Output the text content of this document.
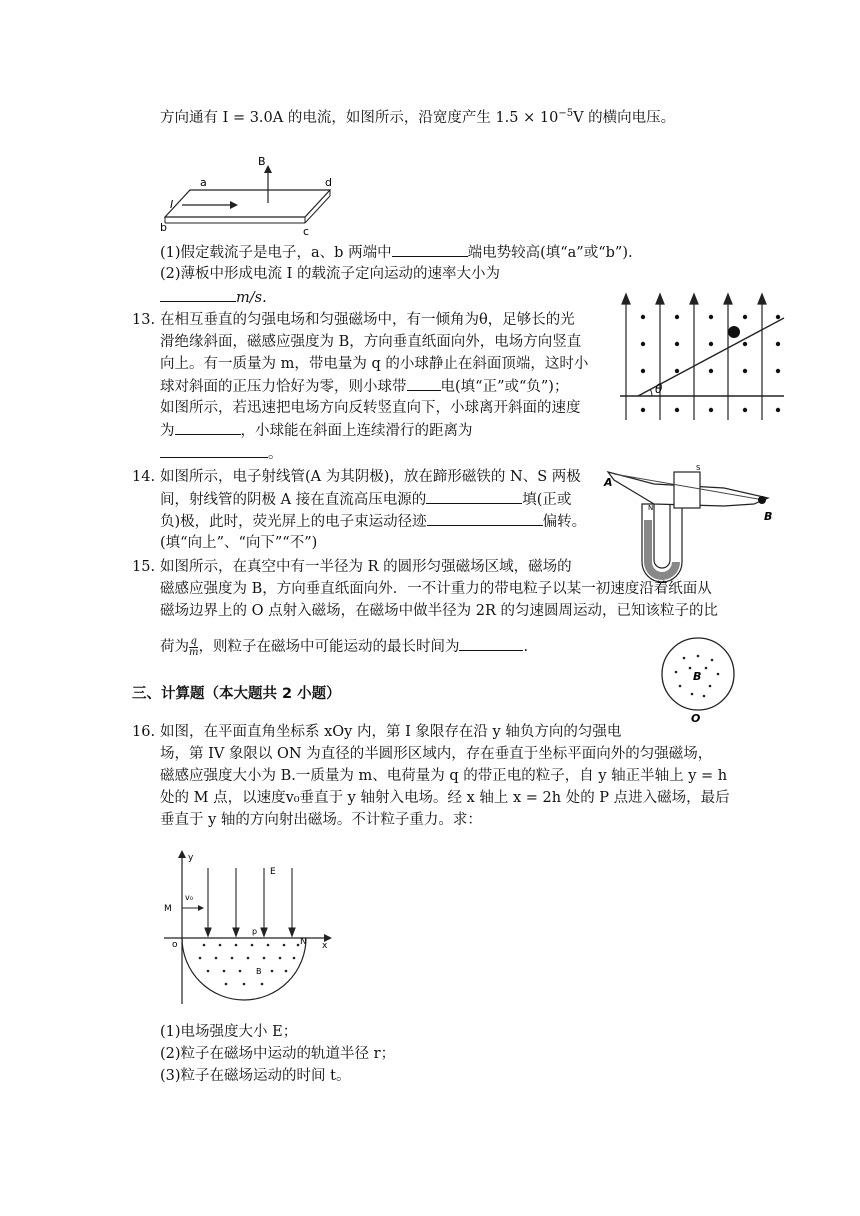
方向通有 I = 3.0A 的电流，如图所示，沿宽度产生 $1.5 \times 10^{-5}V$ 的横向电压。
B
I
a
b	c
d
(1)假定载流子是电子，a、b 两端中	端电势较高(填“a”或“b”).
(2)薄板中形成电流 I 的载流子定向运动的速率大小为
m/s.
13. 在相互垂直的匀强电场和匀强磁场中，有一倾角为θ，足够长的光
滑绝缘斜面，磁感应强度为 B，方向垂直纸面向外，电场方向竖直
向上。有一质量为 m，带电量为 q 的小球静止在斜面顶端，这时小
球对斜面的正压力恰好为零，则小球带 电(填“正”或“负”)；
如图所示，若迅速把电场方向反转竖直向下，小球离开斜面的速度
为	，小球能在斜面上连续滑行的距离为
。
θ
14. 如图所示，电子射线管(A 为其阴极)，放在蹄形磁铁的 N、S 两极
间，射线管的阴极 A 接在直流高压电源的	填(正或
负)极，此时，荧光屏上的电子束运动径迹	偏转。
(填“向上”、“向下”“不”)
A
B
N
S
15. 如图所示，在真空中有一半径为 R 的圆形匀强磁场区域，磁场的
磁感应强度为 B，方向垂直纸面向外．一不计重力的带电粒子以某一初速度沿着纸面从
磁场边界上的 O 点射入磁场，在磁场中做半径为 2R 的匀速圆周运动，已知该粒子的比
荷为 $\frac{q}{m}$ ，则粒子在磁场中可能运动的最长时间为	.
B
O
三、计算题（本大题共 2 小题）
16. 如图，在平面直角坐标系 xOy 内，第 I 象限存在沿 y 轴负方向的匀强电
场，第 IV 象限以 ON 为直径的半圆形区域内，存在垂直于坐标平面向外的匀强磁场，
磁感应强度大小为 B.一质量为 m、电荷量为 q 的带正电的粒子，自 y 轴正半轴上 y = h
处的 M 点，以速度v₀垂直于 y 轴射入电场。经 x 轴上 x = 2h 处的 P 点进入磁场，最后
垂直于 y 轴的方向射出磁场。不计粒子重力。求：
y
x
E
v₀
M
o
p
N
B
(1)电场强度大小 E；
(2)粒子在磁场中运动的轨道半径 r；
(3)粒子在磁场运动的时间 t。
